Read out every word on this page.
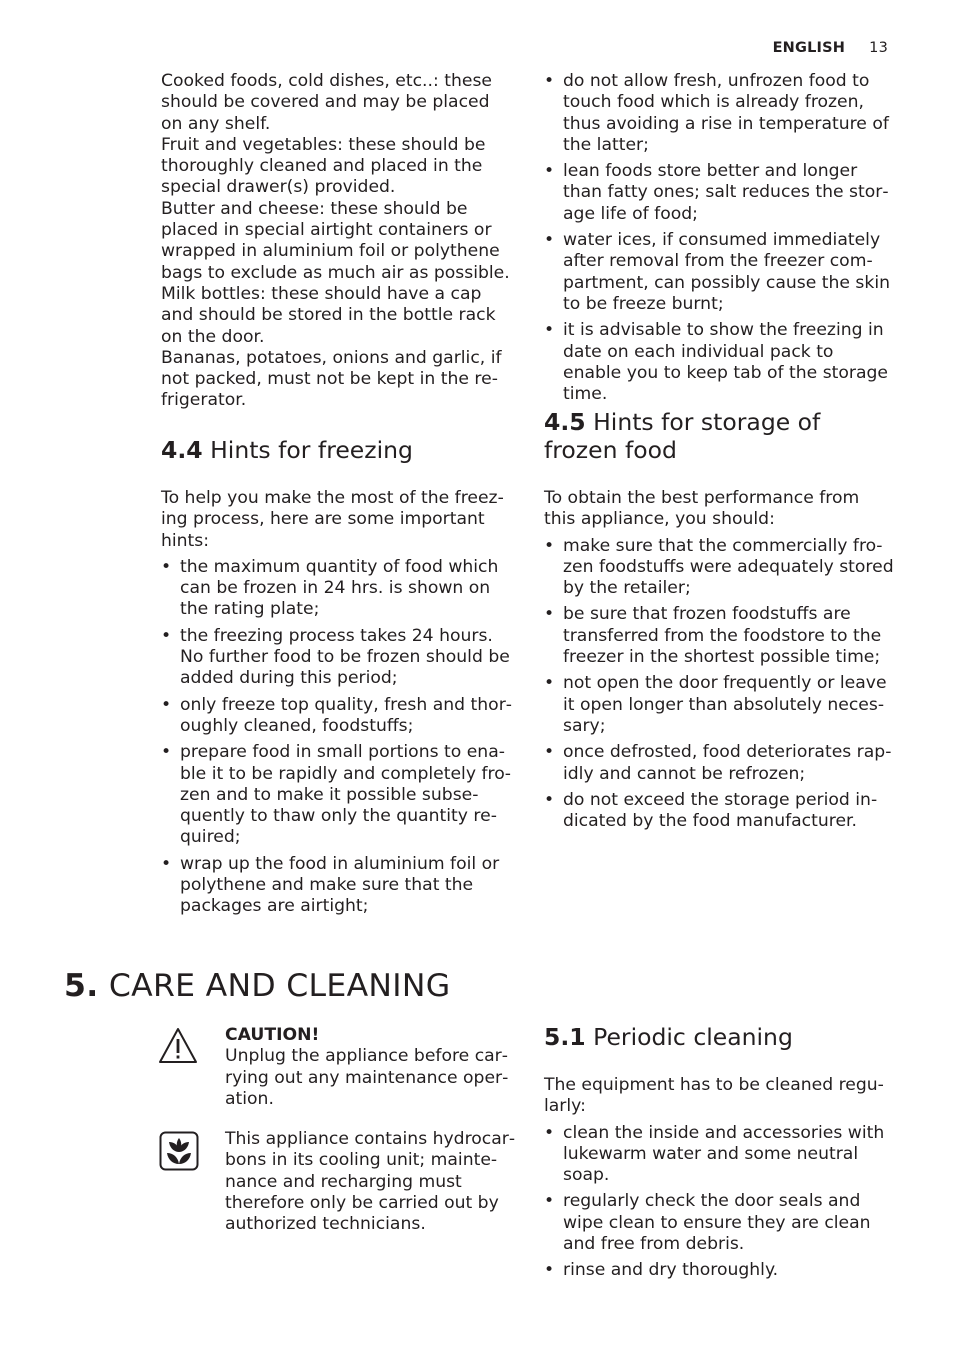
ENGLISH 13

Cooked foods, cold dishes, etc..: these should be covered and may be placed on any shelf.

Fruit and vegetables: these should be thoroughly cleaned and placed in the special drawer(s) provided.

Butter and cheese: these should be placed in special airtight containers or wrapped in aluminium foil or polythene bags to exclude as much air as possible.

Milk bottles: these should have a cap and should be stored in the bottle rack on the door.

Bananas, potatoes, onions and garlic, if not packed, must not be kept in the refrigerator.

4.4 Hints for freezing

To help you make the most of the freezing process, here are some important hints:

• the maximum quantity of food which can be frozen in 24 hrs. is shown on the rating plate;
• the freezing process takes 24 hours. No further food to be frozen should be added during this period;
• only freeze top quality, fresh and thoroughly cleaned, foodstuffs;
• prepare food in small portions to enable it to be rapidly and completely frozen and to make it possible subsequently to thaw only the quantity required;
• wrap up the food in aluminium foil or polythene and make sure that the packages are airtight;
• do not allow fresh, unfrozen food to touch food which is already frozen, thus avoiding a rise in temperature of the latter;
• lean foods store better and longer than fatty ones; salt reduces the storage life of food;
• water ices, if consumed immediately after removal from the freezer compartment, can possibly cause the skin to be freeze burnt;
• it is advisable to show the freezing in date on each individual pack to enable you to keep tab of the storage time.
4.5 Hints for storage of frozen food

To obtain the best performance from this appliance, you should:

• make sure that the commercially frozen foodstuffs were adequately stored by the retailer;
• be sure that frozen foodstuffs are transferred from the foodstore to the freezer in the shortest possible time;
• not open the door frequently or leave it open longer than absolutely necessary;
• once defrosted, food deteriorates rapidly and cannot be refrozen;
• do not exceed the storage period indicated by the food manufacturer.
5. CARE AND CLEANING

CAUTION!

Unplug the appliance before carrying out any maintenance operation.

This appliance contains hydrocarbons in its cooling unit; maintenance and recharging must therefore only be carried out by authorized technicians.

5.1 Periodic cleaning

The equipment has to be cleaned regularly:

• clean the inside and accessories with lukewarm water and some neutral soap.
• regularly check the door seals and wipe clean to ensure they are clean and free from debris.
• rinse and dry thoroughly.
